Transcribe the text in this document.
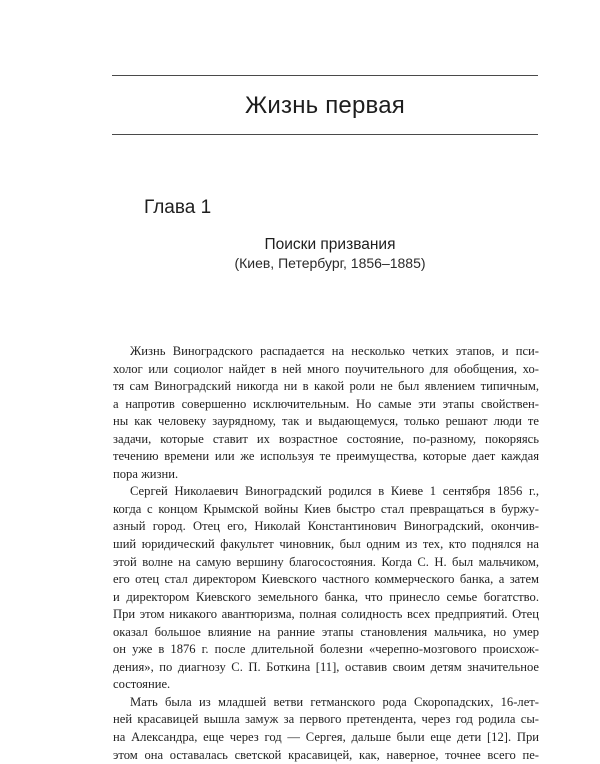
Жизнь первая
Глава 1
Поиски призвания
(Киев, Петербург, 1856–1885)
Жизнь Виноградского распадается на несколько четких этапов, и пси-
холог или социолог найдет в ней много поучительного для обобщения, хо-
тя сам Виноградский никогда ни в какой роли не был явлением типичным,
а напротив совершенно исключительным. Но самые эти этапы свойствен-
ны как человеку заурядному, так и выдающемуся, только решают люди те
задачи, которые ставит их возрастное состояние, по-разному, покоряясь
течению времени или же используя те преимущества, которые дает каждая
пора жизни.
Сергей Николаевич Виноградский родился в Киеве 1 сентября 1856 г.,
когда с концом Крымской войны Киев быстро стал превращаться в буржу-
азный город. Отец его, Николай Константинович Виноградский, окончив-
ший юридический факультет чиновник, был одним из тех, кто поднялся на
этой волне на самую вершину благосостояния. Когда С. Н. был мальчиком,
его отец стал директором Киевского частного коммерческого банка, а затем
и директором Киевского земельного банка, что принесло семье богатство.
При этом никакого авантюризма, полная солидность всех предприятий. Отец
оказал большое влияние на ранние этапы становления мальчика, но умер
он уже в 1876 г. после длительной болезни «черепно-мозгового происхож-
дения», по диагнозу С. П. Боткина [11], оставив своим детям значительное
состояние.
Мать была из младшей ветви гетманского рода Скоропадских, 16-лет-
ней красавицей вышла замуж за первого претендента, через год родила сы-
на Александра, еще через год — Сергея, дальше были еще дети [12]. При
этом она оставалась светской красавицей, как, наверное, точнее всего пе-
